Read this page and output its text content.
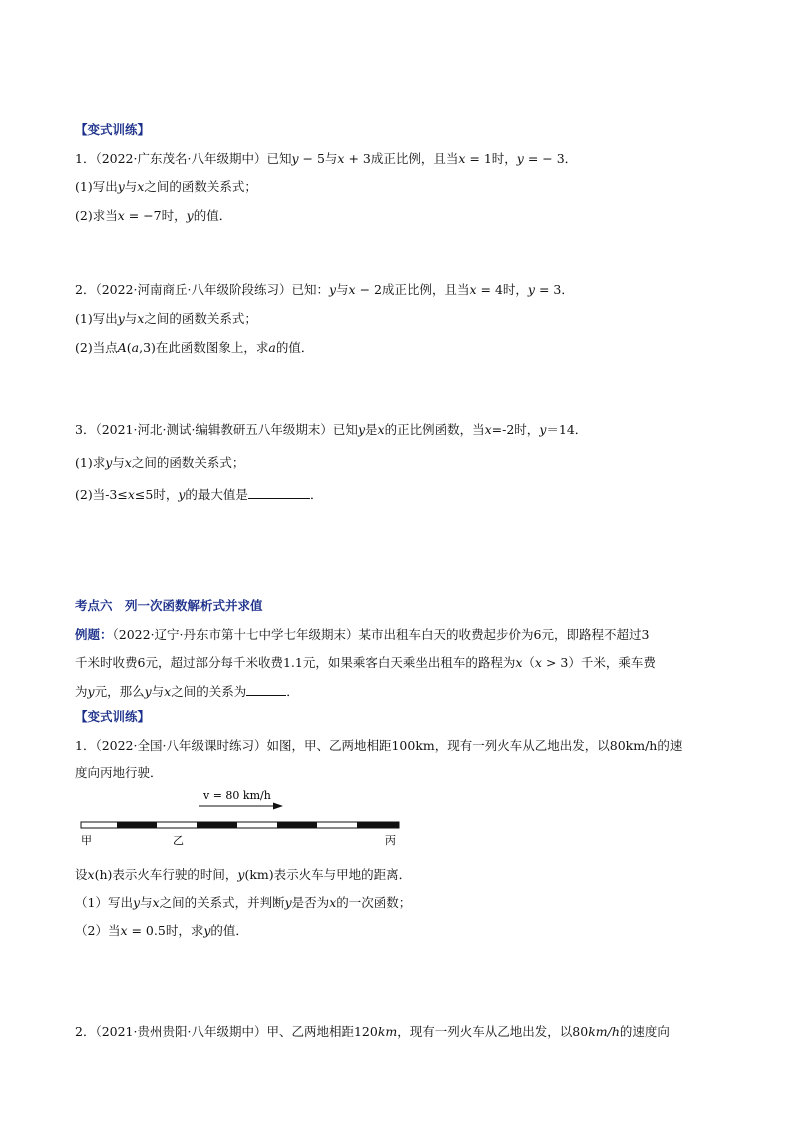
【变式训练】
1．（2022·广东茂名·八年级期中）已知y − 5与x + 3成正比例，且当x = 1时，y = − 3．
(1)写出y与x之间的函数关系式；
(2)求当x = −7时，y的值．
2．（2022·河南商丘·八年级阶段练习）已知：y与x − 2成正比例，且当x = 4时，y = 3．
(1)写出y与x之间的函数关系式；
(2)当点A(a,3)在此函数图象上，求a的值．
3．（2021·河北·测试·编辑教研五八年级期末）已知y是x的正比例函数，当x=-2时，y＝14．
(1)求y与x之间的函数关系式；
(2)当-3≤x≤5时，y的最大值是	．
考点六　列一次函数解析式并求值
例题：（2022·辽宁·丹东市第十七中学七年级期末）某市出租车白天的收费起步价为6元，即路程不超过3
千米时收费6元，超过部分每千米收费1.1元，如果乘客白天乘坐出租车的路程为x（x > 3）千米，乘车费
为y元，那么y与x之间的关系为	．
【变式训练】
1．（2022·全国·八年级课时练习）如图，甲、乙两地相距100km，现有一列火车从乙地出发，以80km/h的速
度向丙地行驶．
v = 80 km/h
甲	乙	丙
设x(h)表示火车行驶的时间，y(km)表示火车与甲地的距离．
（1）写出y与x之间的关系式，并判断y是否为x的一次函数；
（2）当x = 0.5时，求y的值．
2．（2021·贵州贵阳·八年级期中）甲、乙两地相距120km，现有一列火车从乙地出发，以80km/h的速度向
